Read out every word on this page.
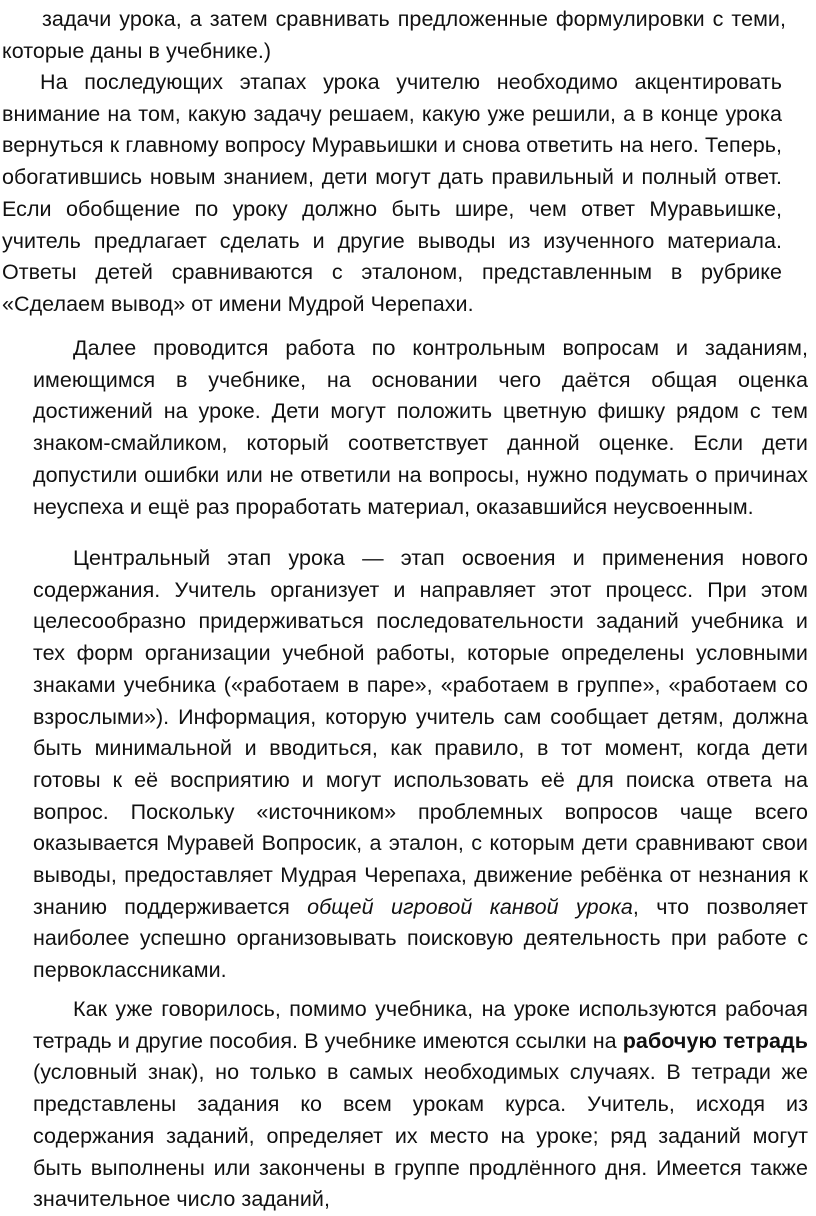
задачи урока, а затем сравнивать предложенные формулировки с теми, которые даны в учебнике.)

На последующих этапах урока учителю необходимо акцентировать внимание на том, какую задачу решаем, какую уже решили, а в конце урока вернуться к главному вопросу Муравьишки и снова ответить на него. Теперь, обогатившись новым знанием, дети могут дать правильный и полный ответ. Если обобщение по уроку должно быть шире, чем ответ Муравьишке, учитель предлагает сделать и другие выводы из изученного материала. Ответы детей сравниваются с эталоном, представленным в рубрике «Сделаем вывод» от имени Мудрой Черепахи.

Далее проводится работа по контрольным вопросам и заданиям, имеющимся в учебнике, на основании чего даётся общая оценка достижений на уроке. Дети могут положить цветную фишку рядом с тем знаком-смайликом, который соответствует данной оценке. Если дети допустили ошибки или не ответили на вопросы, нужно подумать о причинах неуспеха и ещё раз проработать материал, оказавшийся неусвоенным.

Центральный этап урока — этап освоения и применения нового содержания. Учитель организует и направляет этот процесс. При этом целесообразно придерживаться последовательности заданий учебника и тех форм организации учебной работы, которые определены условными знаками учебника («работаем в паре», «работаем в группе», «работаем со взрослыми»). Информация, которую учитель сам сообщает детям, должна быть минимальной и вводиться, как правило, в тот момент, когда дети готовы к её восприятию и могут использовать её для поиска ответа на вопрос. Поскольку «источником» проблемных вопросов чаще всего оказывается Муравей Вопросик, а эталон, с которым дети сравнивают свои выводы, предоставляет Мудрая Черепаха, движение ребёнка от незнания к знанию поддерживается общей игровой канвой урока, что позволяет наиболее успешно организовывать поисковую деятельность при работе с первоклассниками.

Как уже говорилось, помимо учебника, на уроке используются рабочая тетрадь и другие пособия. В учебнике имеются ссылки на рабочую тетрадь (условный знак), но только в самых необходимых случаях. В тетради же представлены задания ко всем урокам курса. Учитель, исходя из содержания заданий, определяет их место на уроке; ряд заданий могут быть выполнены или закончены в группе продлённого дня. Имеется также значительное число заданий,
